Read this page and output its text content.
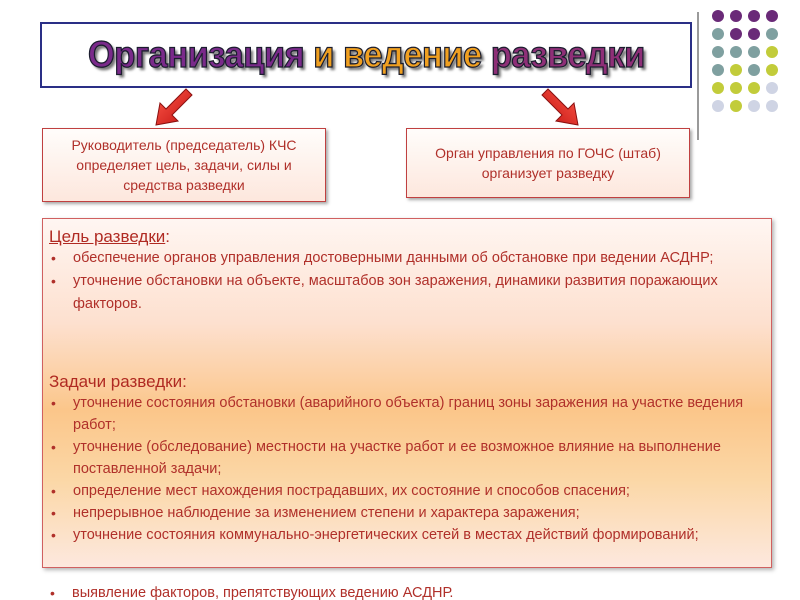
Организация и ведение разведки
Руководитель (председатель) КЧС определяет цель, задачи, силы и средства разведки
Орган управления по ГОЧС (штаб) организует разведку
Цель разведки:
• обеспечение органов управления достоверными данными об обстановке при ведении АСДНР;
• уточнение обстановки на объекте, масштабов зон заражения, динамики развития поражающих факторов.
Задачи разведки:
• уточнение состояния обстановки (аварийного объекта) границ зоны заражения на участке ведения работ;
• уточнение (обследование) местности на участке работ и ее возможное влияние на выполнение поставленной задачи;
• определение мест нахождения пострадавших, их состояние и способов спасения;
• непрерывное наблюдение за изменением степени и характера заражения;
• уточнение состояния коммунально-энергетических сетей в местах действий формирований;
• выявление факторов, препятствующих ведению АСДНР.
